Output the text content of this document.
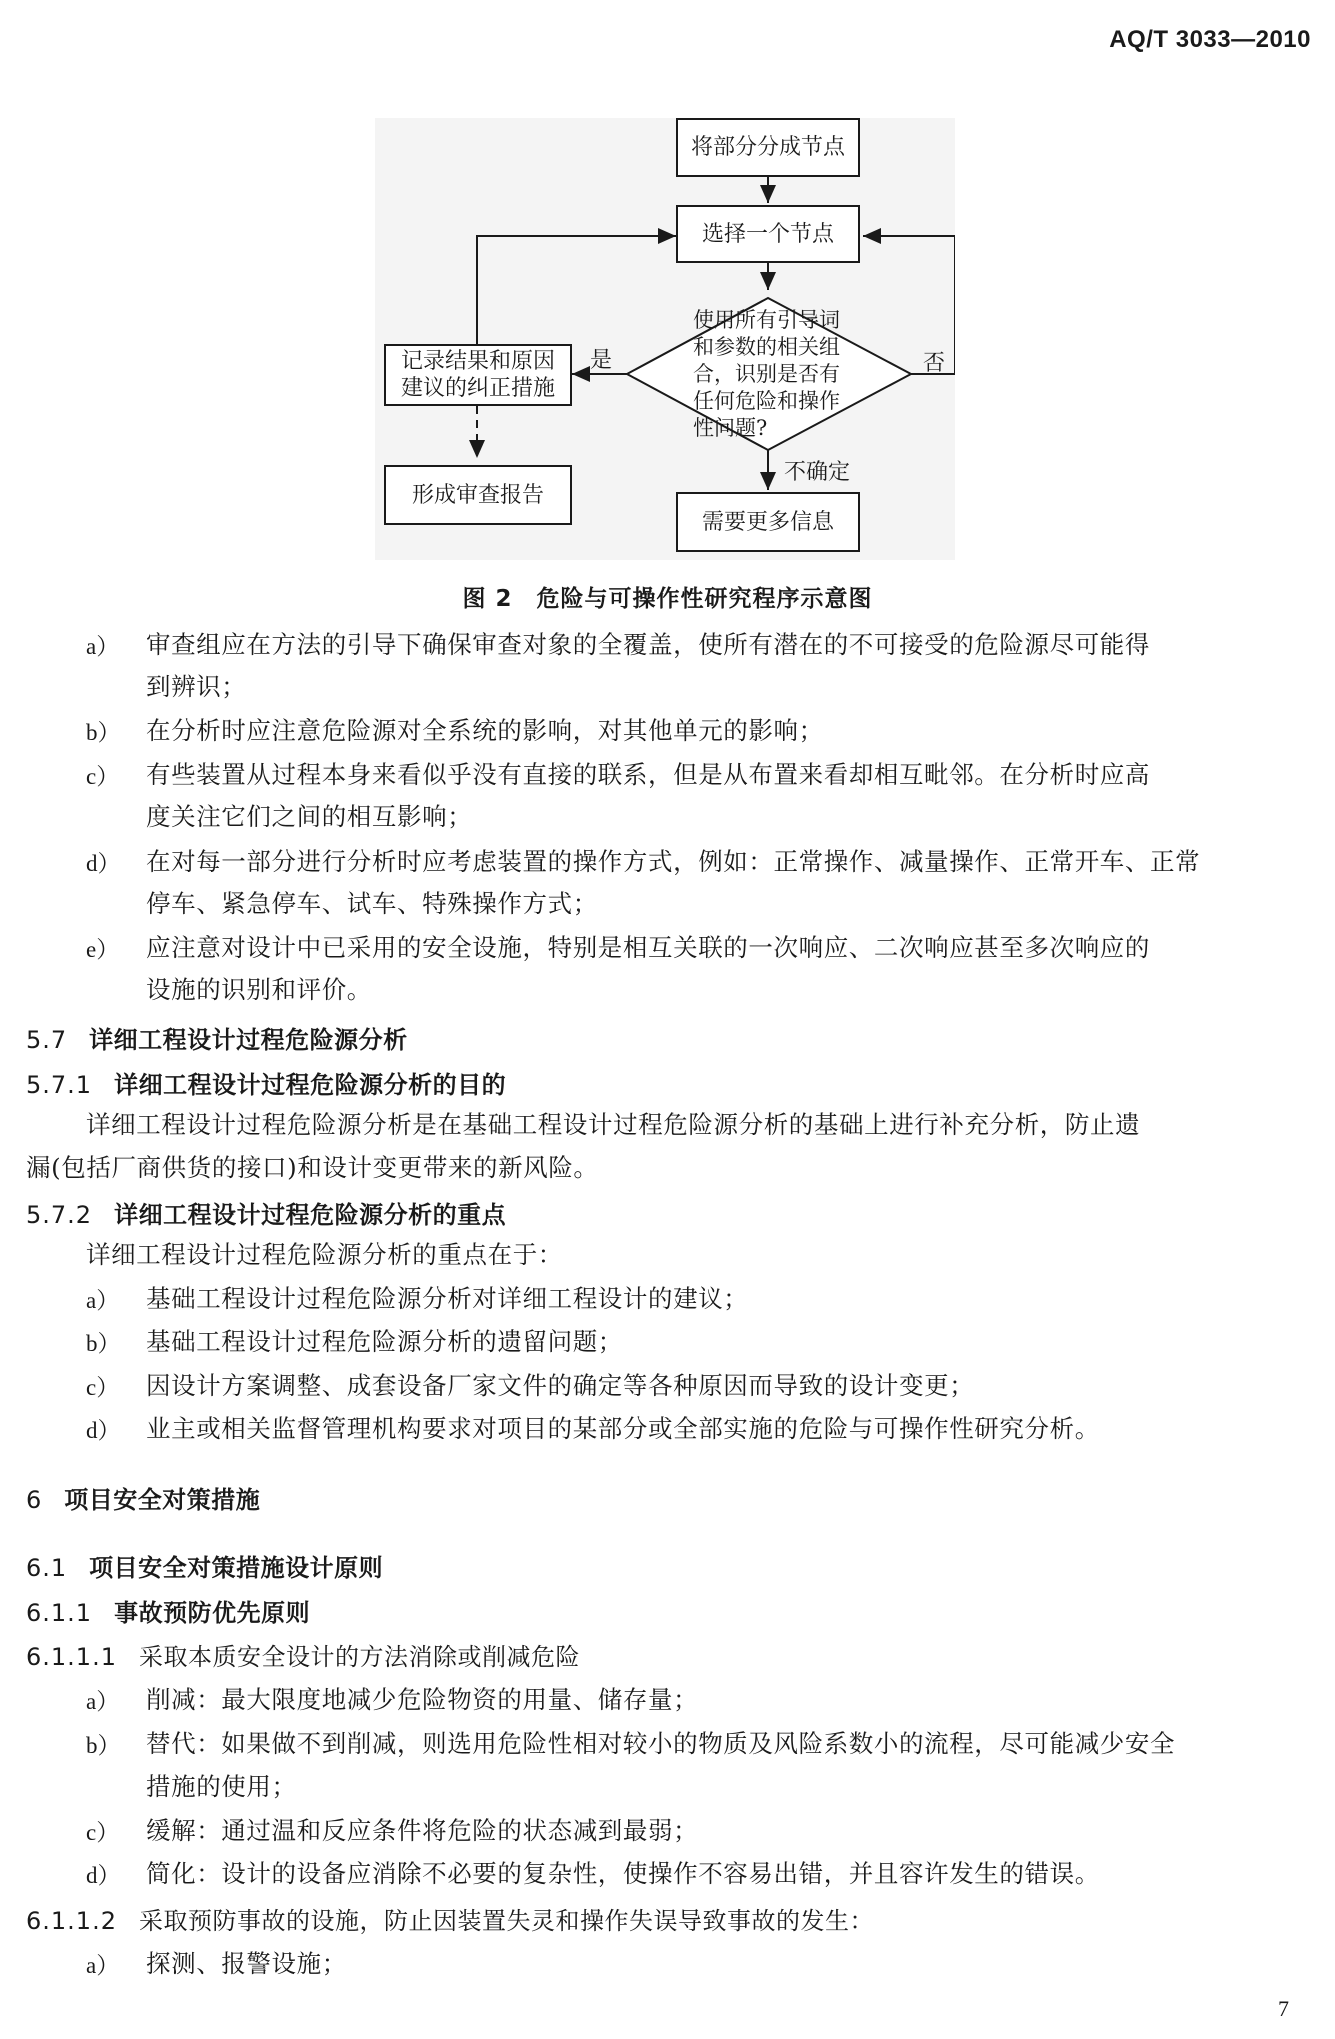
AQ/T 3033—2010
将部分分成节点
选择一个节点
使用所有引导词
和参数的相关组
合，识别是否有
任何危险和操作
性问题?
记录结果和原因
建议的纠正措施
形成审查报告
需要更多信息
是	否
不确定
图 2　危险与可操作性研究程序示意图
a） 审查组应在方法的引导下确保审查对象的全覆盖，使所有潜在的不可接受的危险源尽可能得
到辨识；
b） 在分析时应注意危险源对全系统的影响，对其他单元的影响；
c） 有些装置从过程本身来看似乎没有直接的联系，但是从布置来看却相互毗邻。在分析时应高
度关注它们之间的相互影响；
d） 在对每一部分进行分析时应考虑装置的操作方式，例如：正常操作、减量操作、正常开车、正常
停车、紧急停车、试车、特殊操作方式；
e） 应注意对设计中已采用的安全设施，特别是相互关联的一次响应、二次响应甚至多次响应的
设施的识别和评价。
5.7 详细工程设计过程危险源分析
5.7.1 详细工程设计过程危险源分析的目的
详细工程设计过程危险源分析是在基础工程设计过程危险源分析的基础上进行补充分析，防止遗
漏(包括厂商供货的接口)和设计变更带来的新风险。
5.7.2 详细工程设计过程危险源分析的重点
详细工程设计过程危险源分析的重点在于：
a） 基础工程设计过程危险源分析对详细工程设计的建议；
b） 基础工程设计过程危险源分析的遗留问题；
c） 因设计方案调整、成套设备厂家文件的确定等各种原因而导致的设计变更；
d） 业主或相关监督管理机构要求对项目的某部分或全部实施的危险与可操作性研究分析。
6 项目安全对策措施
6.1 项目安全对策措施设计原则
6.1.1 事故预防优先原则
6.1.1.1 采取本质安全设计的方法消除或削减危险
a） 削减：最大限度地减少危险物资的用量、储存量；
b） 替代：如果做不到削减，则选用危险性相对较小的物质及风险系数小的流程，尽可能减少安全
措施的使用；
c） 缓解：通过温和反应条件将危险的状态减到最弱；
d） 简化：设计的设备应消除不必要的复杂性，使操作不容易出错，并且容许发生的错误。
6.1.1.2 采取预防事故的设施，防止因装置失灵和操作失误导致事故的发生：
a） 探测、报警设施；
7
